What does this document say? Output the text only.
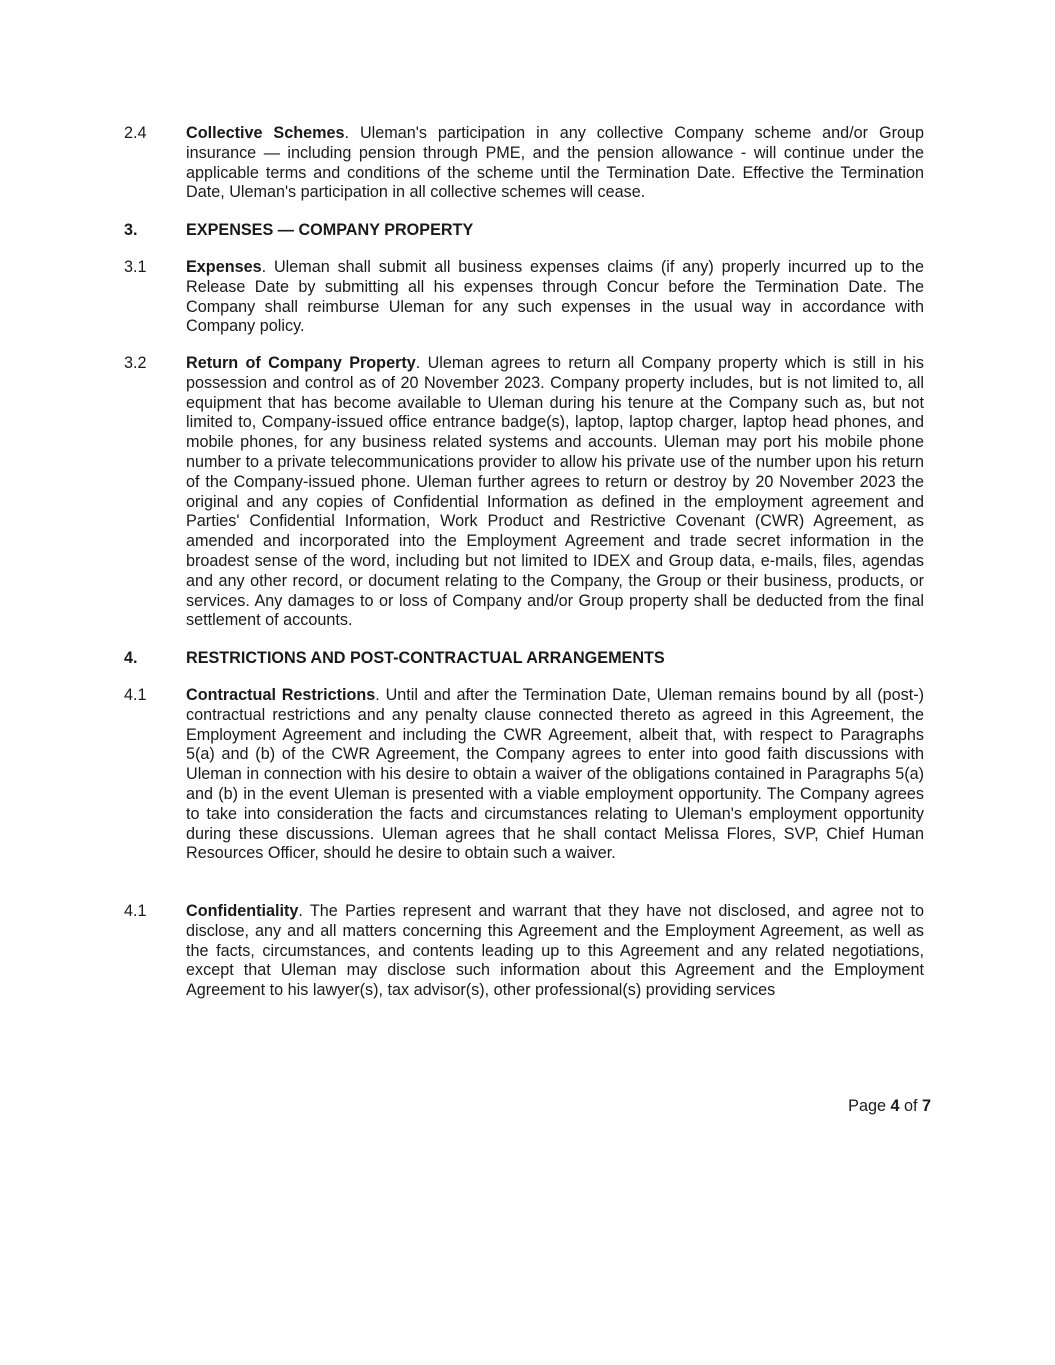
2.4	Collective Schemes. Uleman's participation in any collective Company scheme and/or Group insurance — including pension through PME, and the pension allowance - will continue under the applicable terms and conditions of the scheme until the Termination Date. Effective the Termination Date, Uleman's participation in all collective schemes will cease.
3.	EXPENSES — COMPANY PROPERTY
3.1	Expenses. Uleman shall submit all business expenses claims (if any) properly incurred up to the Release Date by submitting all his expenses through Concur before the Termination Date. The Company shall reimburse Uleman for any such expenses in the usual way in accordance with Company policy.
3.2	Return of Company Property. Uleman agrees to return all Company property which is still in his possession and control as of 20 November 2023. Company property includes, but is not limited to, all equipment that has become available to Uleman during his tenure at the Company such as, but not limited to, Company-issued office entrance badge(s), laptop, laptop charger, laptop head phones, and mobile phones, for any business related systems and accounts. Uleman may port his mobile phone number to a private telecommunications provider to allow his private use of the number upon his return of the Company-issued phone. Uleman further agrees to return or destroy by 20 November 2023 the original and any copies of Confidential Information as defined in the employment agreement and Parties' Confidential Information, Work Product and Restrictive Covenant (CWR) Agreement, as amended and incorporated into the Employment Agreement and trade secret information in the broadest sense of the word, including but not limited to IDEX and Group data, e-mails, files, agendas and any other record, or document relating to the Company, the Group or their business, products, or services. Any damages to or loss of Company and/or Group property shall be deducted from the final settlement of accounts.
4.	RESTRICTIONS AND POST-CONTRACTUAL ARRANGEMENTS
4.1	Contractual Restrictions. Until and after the Termination Date, Uleman remains bound by all (post-) contractual restrictions and any penalty clause connected thereto as agreed in this Agreement, the Employment Agreement and including the CWR Agreement, albeit that, with respect to Paragraphs 5(a) and (b) of the CWR Agreement, the Company agrees to enter into good faith discussions with Uleman in connection with his desire to obtain a waiver of the obligations contained in Paragraphs 5(a) and (b) in the event Uleman is presented with a viable employment opportunity. The Company agrees to take into consideration the facts and circumstances relating to Uleman's employment opportunity during these discussions. Uleman agrees that he shall contact Melissa Flores, SVP, Chief Human Resources Officer, should he desire to obtain such a waiver.
4.1	Confidentiality. The Parties represent and warrant that they have not disclosed, and agree not to disclose, any and all matters concerning this Agreement and the Employment Agreement, as well as the facts, circumstances, and contents leading up to this Agreement and any related negotiations, except that Uleman may disclose such information about this Agreement and the Employment Agreement to his lawyer(s), tax advisor(s), other professional(s) providing services
Page 4 of 7
